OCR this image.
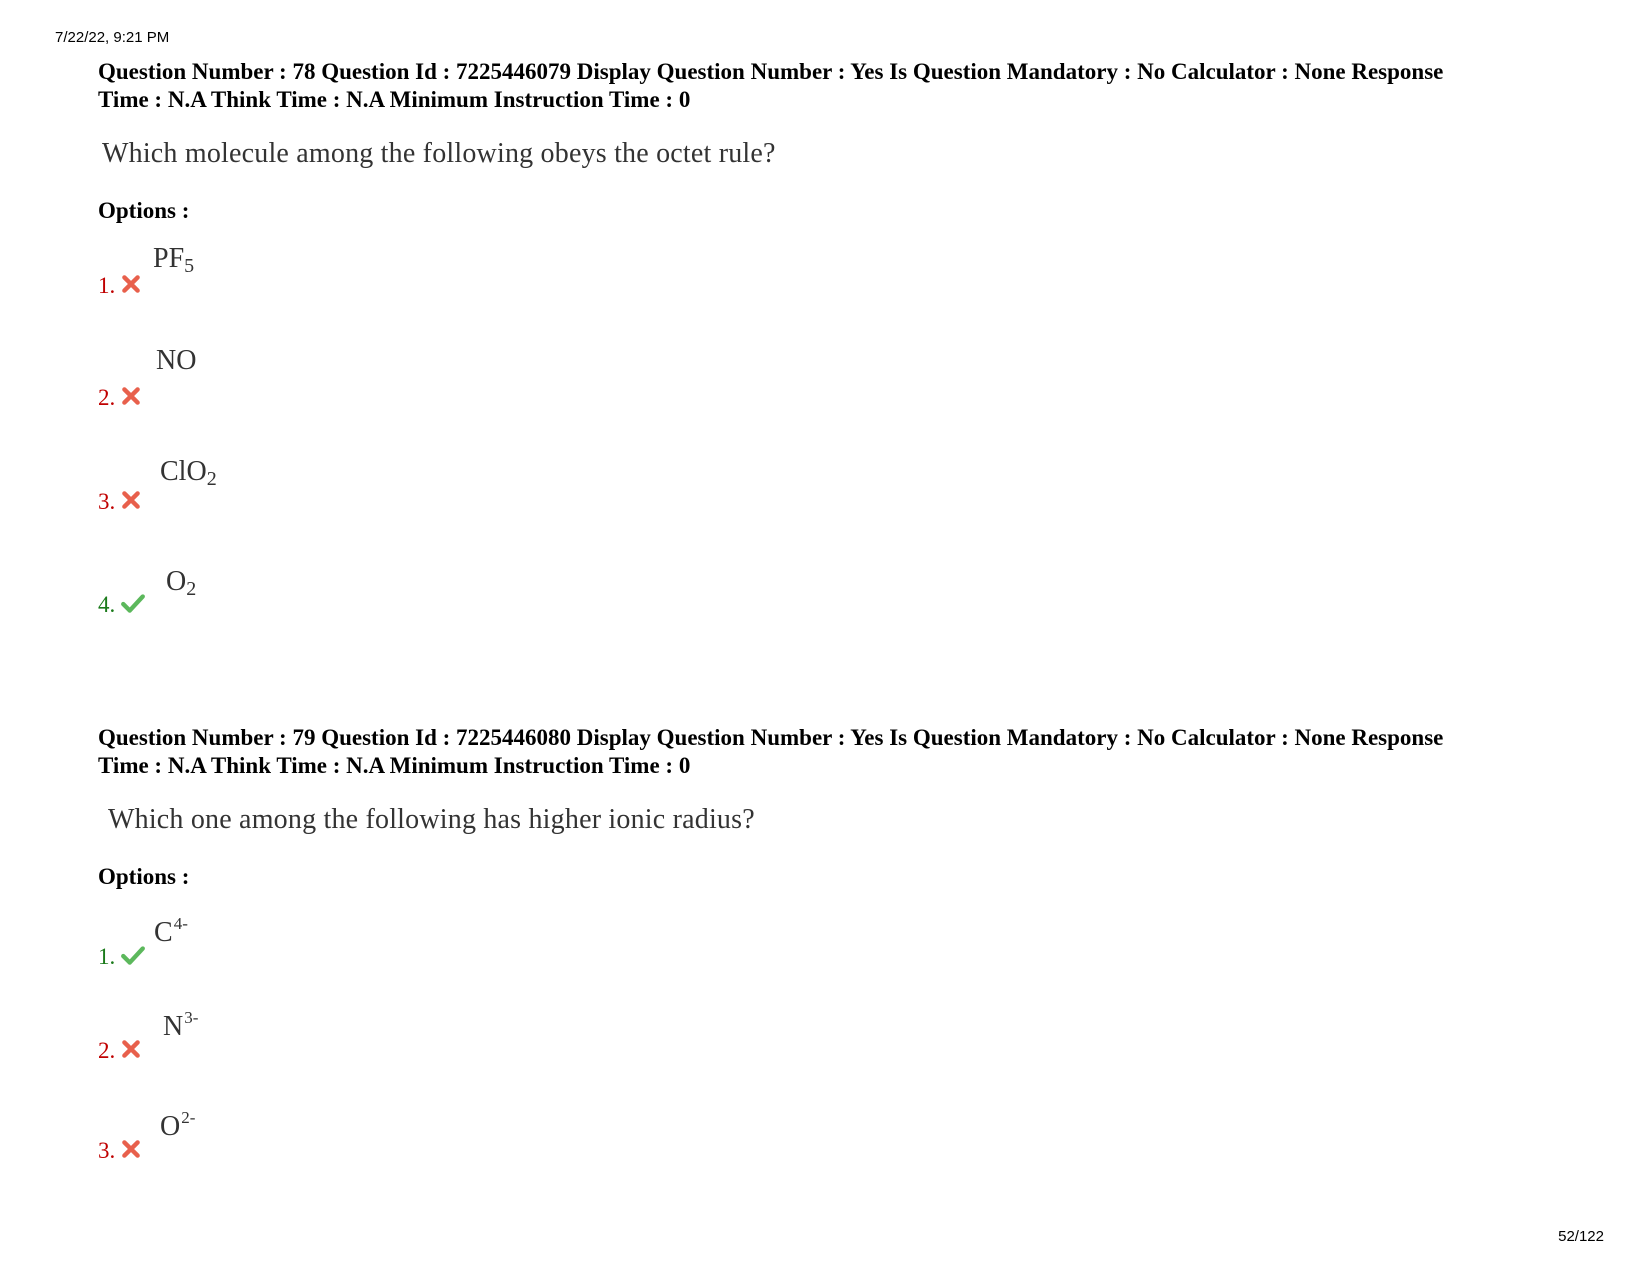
7/22/22, 9:21 PM
Question Number : 78 Question Id : 7225446079 Display Question Number : Yes Is Question Mandatory : No Calculator : None Response
Time : N.A Think Time : N.A Minimum Instruction Time : 0
Which molecule among the following obeys the octet rule?
Options :
1.
$PF_5$
2.
NO
3.
ClO$_2$
4.
$O_2$
Question Number : 79 Question Id : 7225446080 Display Question Number : Yes Is Question Mandatory : No Calculator : None Response
Time : N.A Think Time : N.A Minimum Instruction Time : 0
Which one among the following has higher ionic radius?
Options :
1.
$C^{4-}$
2.
$N^{3-}$
3.
$O^{2-}$
52/122
